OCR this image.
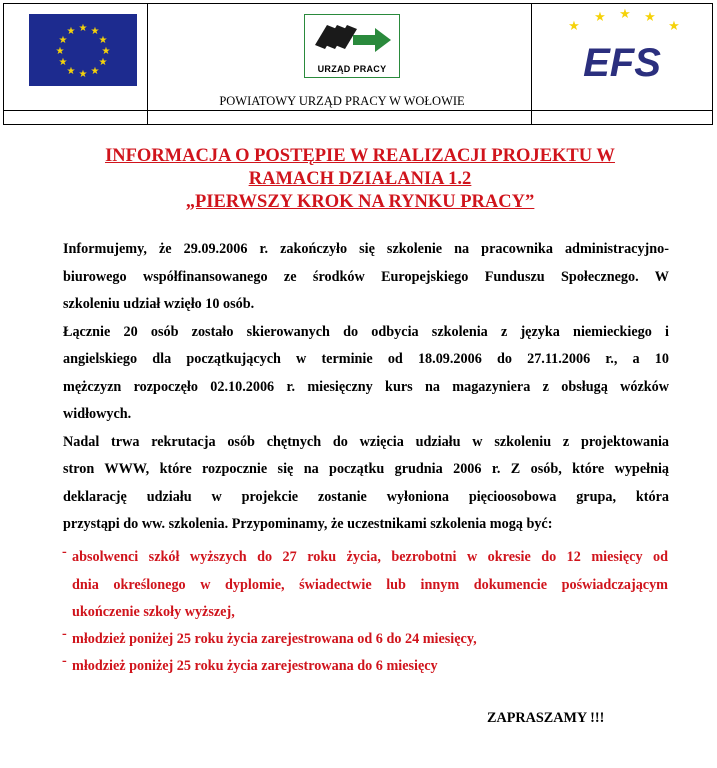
★ ★
★
★
★
★
★
★
★
★
★
★
URZĄD PRACY
POWIATOWY URZĄD PRACY W WOŁOWIE
★
★ ★ ★
★
EFS
INFORMACJA O POSTĘPIE W REALIZACJI PROJEKTU W
RAMACH DZIAŁANIA 1.2
„PIERWSZY KROK NA RYNKU PRACY”
Informujemy, że 29.09.2006 r. zakończyło się szkolenie na pracownika administracyjno-
biurowego współfinansowanego ze środków Europejskiego Funduszu Społecznego. W
szkoleniu udział wzięło 10 osób.
Łącznie 20 osób zostało skierowanych do odbycia szkolenia z języka niemieckiego i
angielskiego dla początkujących w terminie od 18.09.2006 do 27.11.2006 r., a 10
mężczyzn rozpoczęło 02.10.2006 r. miesięczny kurs na magazyniera z obsługą wózków
widłowych.
Nadal trwa rekrutacja osób chętnych do wzięcia udziału w szkoleniu z projektowania
stron WWW, które rozpocznie się na początku grudnia 2006 r. Z osób, które wypełnią
deklarację udziału w projekcie zostanie wyłoniona pięcioosobowa grupa, która
przystąpi do ww. szkolenia. Przypominamy, że uczestnikami szkolenia mogą być:
- absolwenci szkół wyższych do 27 roku życia, bezrobotni w okresie do 12 miesięcy od
dnia określonego w dyplomie, świadectwie lub innym dokumencie poświadczającym
ukończenie szkoły wyższej,
- młodzież poniżej 25 roku życia zarejestrowana od 6 do 24 miesięcy,
- młodzież poniżej 25 roku życia zarejestrowana do 6 miesięcy
ZAPRASZAMY !!!
